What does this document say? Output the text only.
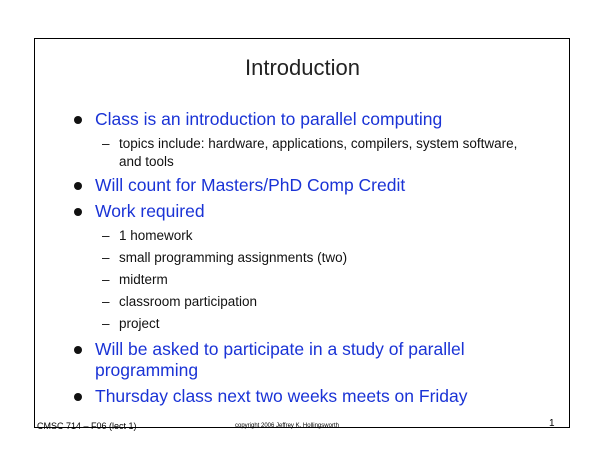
Introduction
Class is an introduction to parallel computing
– topics include: hardware, applications, compilers, system software, and tools
Will count for Masters/PhD Comp Credit
Work required
– 1 homework
– small programming assignments (two)
– midterm
– classroom participation
– project
Will be asked to participate in a study of parallel programming
Thursday class next two weeks meets on Friday
CMSC 714 – F06 (lect 1)	copyright 2006 Jeffrey K. Hollingsworth	1
